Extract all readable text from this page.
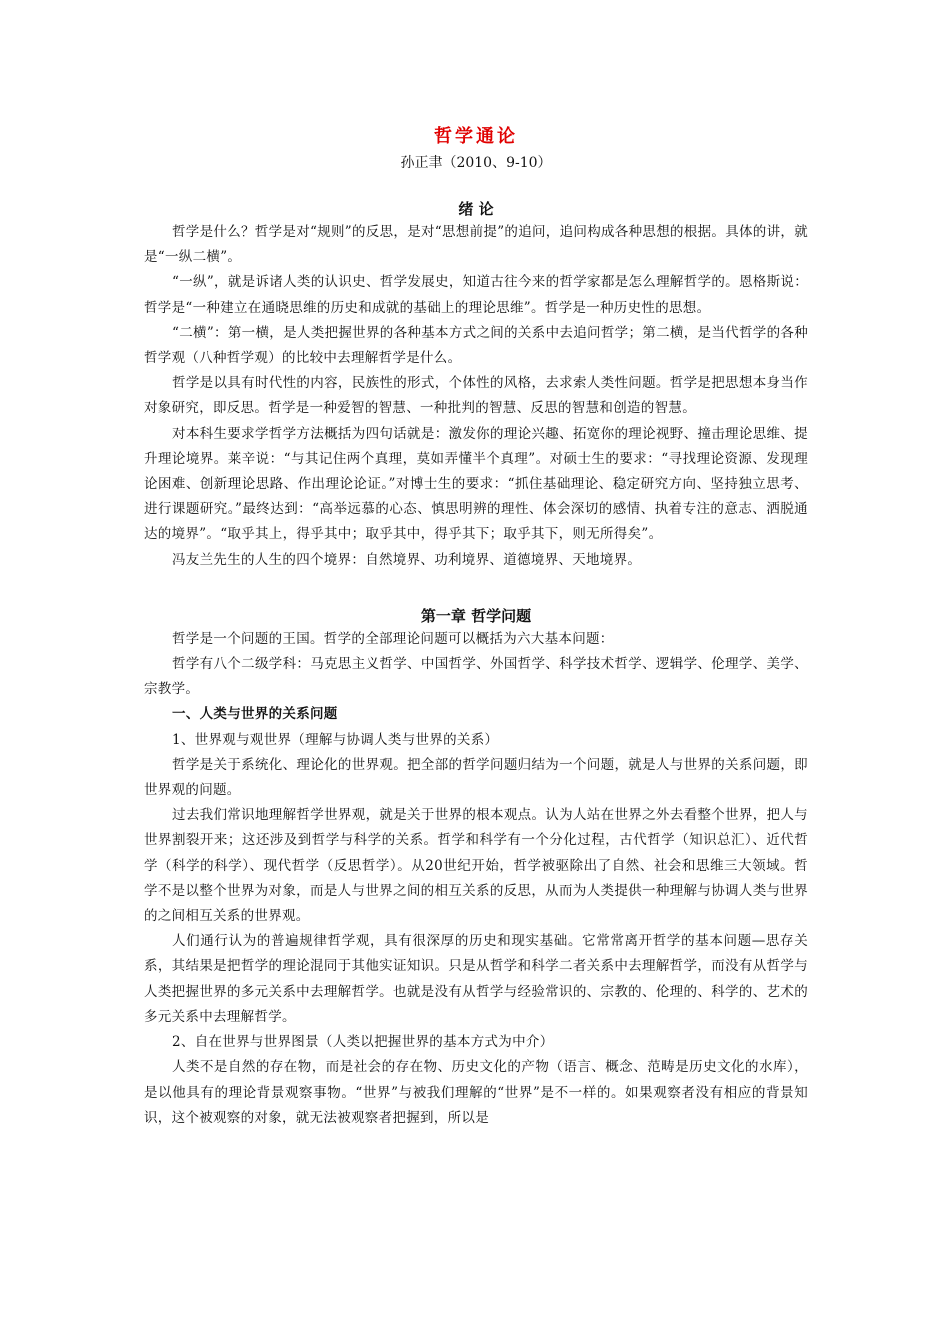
哲学通论
孙正聿（2010、9-10）
绪 论

哲学是什么？哲学是对“规则”的反思，是对“思想前提”的追问，追问构成各种思想的根据。具体的讲，就是“一纵二横”。

“一纵”，就是诉诸人类的认识史、哲学发展史，知道古往今来的哲学家都是怎么理解哲学的。恩格斯说：哲学是“一种建立在通晓思维的历史和成就的基础上的理论思维”。哲学是一种历史性的思想。

“二横”：第一横，是人类把握世界的各种基本方式之间的关系中去追问哲学；第二横，是当代哲学的各种哲学观（八种哲学观）的比较中去理解哲学是什么。

哲学是以具有时代性的内容，民族性的形式，个体性的风格，去求索人类性问题。哲学是把思想本身当作对象研究，即反思。哲学是一种爱智的智慧、一种批判的智慧、反思的智慧和创造的智慧。

对本科生要求学哲学方法概括为四句话就是：激发你的理论兴趣、拓宽你的理论视野、撞击理论思维、提升理论境界。莱辛说：“与其记住两个真理，莫如弄懂半个真理”。对硕士生的要求：“寻找理论资源、发现理论困难、创新理论思路、作出理论论证。”对博士生的要求：“抓住基础理论、稳定研究方向、坚持独立思考、进行课题研究。”最终达到：“高举远慕的心态、慎思明辨的理性、体会深切的感情、执着专注的意志、洒脱通达的境界”。“取乎其上，得乎其中；取乎其中，得乎其下；取乎其下，则无所得矣”。

冯友兰先生的人生的四个境界：自然境界、功利境界、道德境界、天地境界。

第一章 哲学问题

哲学是一个问题的王国。哲学的全部理论问题可以概括为六大基本问题：

哲学有八个二级学科：马克思主义哲学、中国哲学、外国哲学、科学技术哲学、逻辑学、伦理学、美学、宗教学。

一、人类与世界的关系问题

1、世界观与观世界（理解与协调人类与世界的关系）

哲学是关于系统化、理论化的世界观。把全部的哲学问题归结为一个问题，就是人与世界的关系问题，即世界观的问题。

过去我们常识地理解哲学世界观，就是关于世界的根本观点。认为人站在世界之外去看整个世界，把人与世界割裂开来；这还涉及到哲学与科学的关系。哲学和科学有一个分化过程，古代哲学（知识总汇）、近代哲学（科学的科学）、现代哲学（反思哲学）。从20世纪开始，哲学被驱除出了自然、社会和思维三大领域。哲学不是以整个世界为对象，而是人与世界之间的相互关系的反思，从而为人类提供一种理解与协调人类与世界的之间相互关系的世界观。

人们通行认为的普遍规律哲学观，具有很深厚的历史和现实基础。它常常离开哲学的基本问题—思存关系，其结果是把哲学的理论混同于其他实证知识。只是从哲学和科学二者关系中去理解哲学，而没有从哲学与人类把握世界的多元关系中去理解哲学。也就是没有从哲学与经验常识的、宗教的、伦理的、科学的、艺术的多元关系中去理解哲学。

2、自在世界与世界图景（人类以把握世界的基本方式为中介）

人类不是自然的存在物，而是社会的存在物、历史文化的产物（语言、概念、范畴是历史文化的水库），是以他具有的理论背景观察事物。“世界”与被我们理解的“世界”是不一样的。如果观察者没有相应的背景知识，这个被观察的对象，就无法被观察者把握到，所以是
